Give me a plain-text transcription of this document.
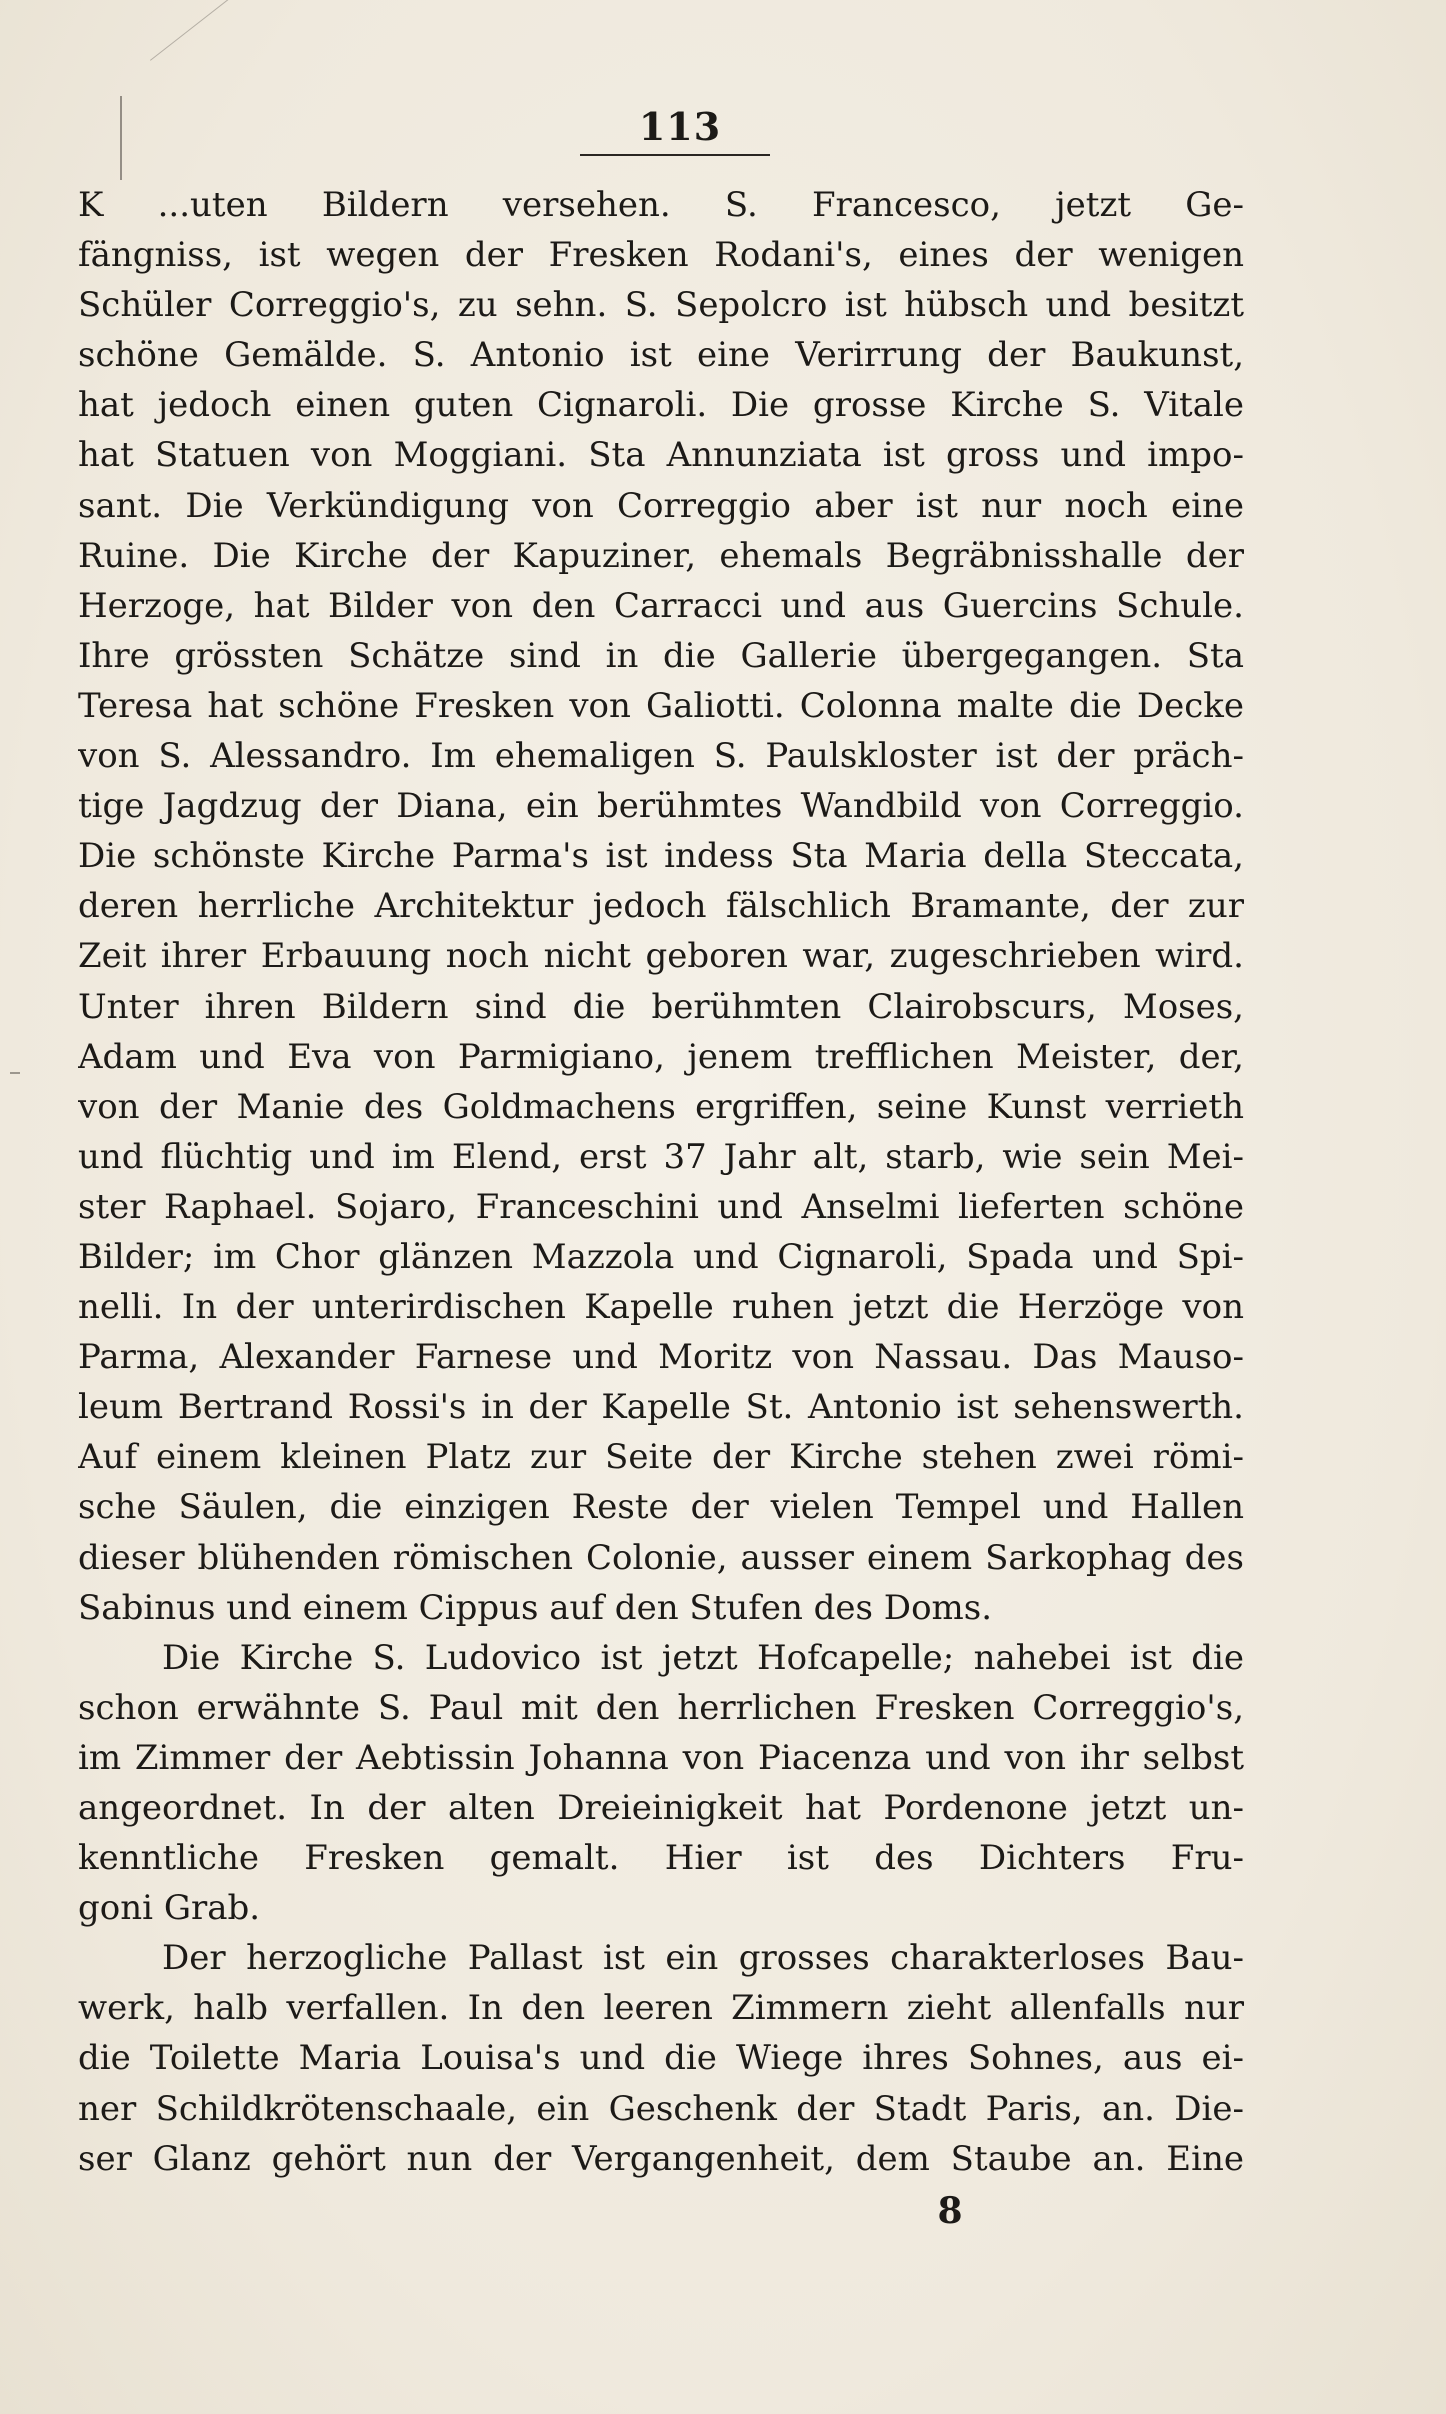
113
K ...uten Bildern versehen. S. Francesco, jetzt Ge-
fängniss, ist wegen der Fresken Rodani's, eines der wenigen
Schüler Correggio's, zu sehn. S. Sepolcro ist hübsch und besitzt
schöne Gemälde. S. Antonio ist eine Verirrung der Baukunst,
hat jedoch einen guten Cignaroli. Die grosse Kirche S. Vitale
hat Statuen von Moggiani. Sta Annunziata ist gross und impo-
sant. Die Verkündigung von Correggio aber ist nur noch eine
Ruine. Die Kirche der Kapuziner, ehemals Begräbnisshalle der
Herzoge, hat Bilder von den Carracci und aus Guercins Schule.
Ihre grössten Schätze sind in die Gallerie übergegangen. Sta
Teresa hat schöne Fresken von Galiotti. Colonna malte die Decke
von S. Alessandro. Im ehemaligen S. Paulskloster ist der präch-
tige Jagdzug der Diana, ein berühmtes Wandbild von Correggio.
Die schönste Kirche Parma's ist indess Sta Maria della Steccata,
deren herrliche Architektur jedoch fälschlich Bramante, der zur
Zeit ihrer Erbauung noch nicht geboren war, zugeschrieben wird.
Unter ihren Bildern sind die berühmten Clairobscurs, Moses,
Adam und Eva von Parmigiano, jenem trefflichen Meister, der,
von der Manie des Goldmachens ergriffen, seine Kunst verrieth
und flüchtig und im Elend, erst 37 Jahr alt, starb, wie sein Mei-
ster Raphael. Sojaro, Franceschini und Anselmi lieferten schöne
Bilder; im Chor glänzen Mazzola und Cignaroli, Spada und Spi-
nelli. In der unterirdischen Kapelle ruhen jetzt die Herzöge von
Parma, Alexander Farnese und Moritz von Nassau. Das Mauso-
leum Bertrand Rossi's in der Kapelle St. Antonio ist sehenswerth.
Auf einem kleinen Platz zur Seite der Kirche stehen zwei römi-
sche Säulen, die einzigen Reste der vielen Tempel und Hallen
dieser blühenden römischen Colonie, ausser einem Sarkophag des
Sabinus und einem Cippus auf den Stufen des Doms.
Die Kirche S. Ludovico ist jetzt Hofcapelle; nahebei ist die
schon erwähnte S. Paul mit den herrlichen Fresken Correggio's,
im Zimmer der Aebtissin Johanna von Piacenza und von ihr selbst
angeordnet. In der alten Dreieinigkeit hat Pordenone jetzt un-
kenntliche Fresken gemalt. Hier ist des Dichters Fru-
goni Grab.
Der herzogliche Pallast ist ein grosses charakterloses Bau-
werk, halb verfallen. In den leeren Zimmern zieht allenfalls nur
die Toilette Maria Louisa's und die Wiege ihres Sohnes, aus ei-
ner Schildkrötenschaale, ein Geschenk der Stadt Paris, an. Die-
ser Glanz gehört nun der Vergangenheit, dem Staube an. Eine
8
